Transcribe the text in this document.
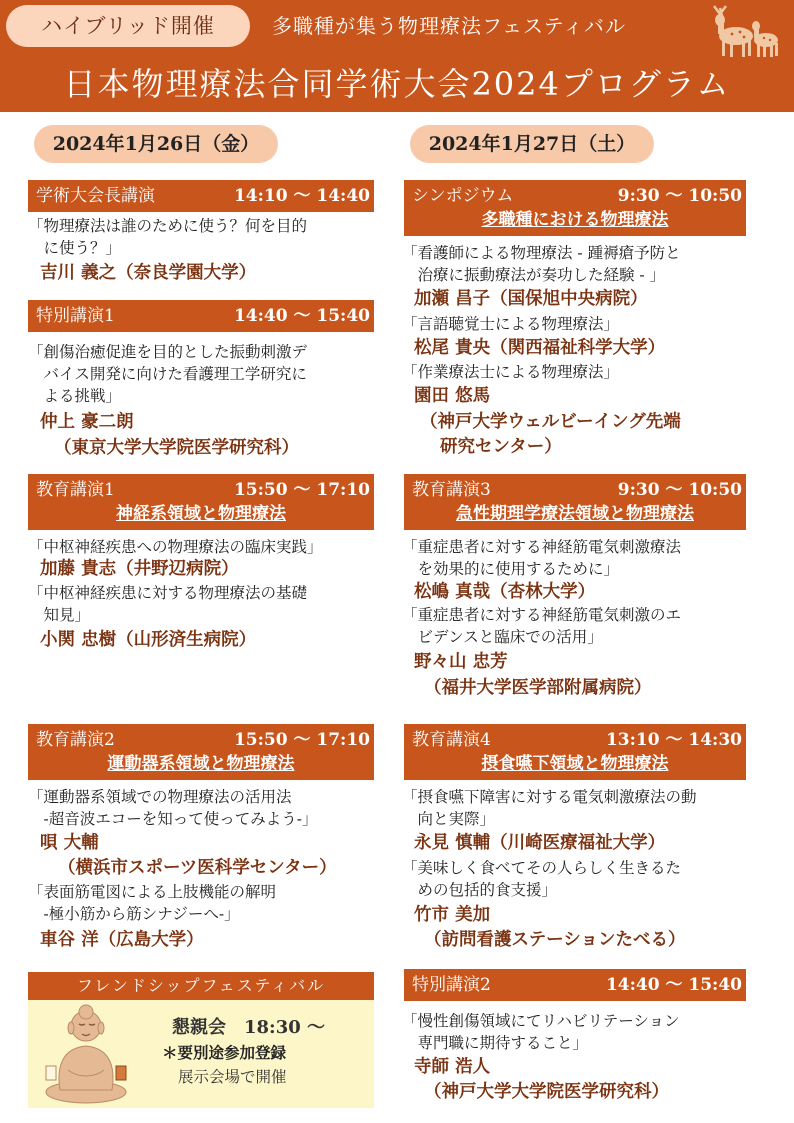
ハイブリッド開催	多職種が集う物理療法フェスティバル
日本物理療法合同学術大会2024プログラム
2024年1月26日（金）	2024年1月27日（土）
学術大会長講演	14:10 〜 14:40
「物理療法は誰のために使う？何を目的
　に使う？」
吉川 義之（奈良学園大学）
特別講演1	14:40 〜 15:40
「創傷治癒促進を目的とした振動刺激デ
　バイス開発に向けた看護理工学研究に
　よる挑戦」
仲上 豪二朗
（東京大学大学院医学研究科）
教育講演1	15:50 〜 17:10
神経系領域と物理療法
「中枢神経疾患への物理療法の臨床実践」
加藤 貴志（井野辺病院）
「中枢神経疾患に対する物理療法の基礎
　知見」
小関 忠樹（山形済生病院）
教育講演2	15:50 〜 17:10
運動器系領域と物理療法
「運動器系領域での物理療法の活用法
　-超音波エコーを知って使ってみよう-」
唄 大輔
（横浜市スポーツ医科学センター）
「表面筋電図による上肢機能の解明
　-極小筋から筋シナジーへ-」
車谷 洋（広島大学）
フレンドシップフェスティバル
懇親会　18:30 〜
＊要別途参加登録
展示会場で開催
シンポジウム	9:30 〜 10:50
多職種における物理療法
「看護師による物理療法 - 踵褥瘡予防と
　治療に振動療法が奏功した経験 - 」
加瀬 昌子（国保旭中央病院）
「言語聴覚士による物理療法」
松尾 貴央（関西福祉科学大学）
「作業療法士による物理療法」
園田 悠馬
（神戸大学ウェルビーイング先端
研究センター）
教育講演3	9:30 〜 10:50
急性期理学療法領域と物理療法
「重症患者に対する神経筋電気刺激療法
　を効果的に使用するために」
松嶋 真哉（杏林大学）
「重症患者に対する神経筋電気刺激のエ
　ビデンスと臨床での活用」
野々山 忠芳
（福井大学医学部附属病院）
教育講演4	13:10 〜 14:30
摂食嚥下領域と物理療法
「摂食嚥下障害に対する電気刺激療法の動
　向と実際」
永見 慎輔（川崎医療福祉大学）
「美味しく食べてその人らしく生きるた
　めの包括的食支援」
竹市 美加
（訪問看護ステーションたべる）
特別講演2	14:40 〜 15:40
「慢性創傷領域にてリハビリテーション
　専門職に期待すること」
寺師 浩人
（神戸大学大学院医学研究科）
